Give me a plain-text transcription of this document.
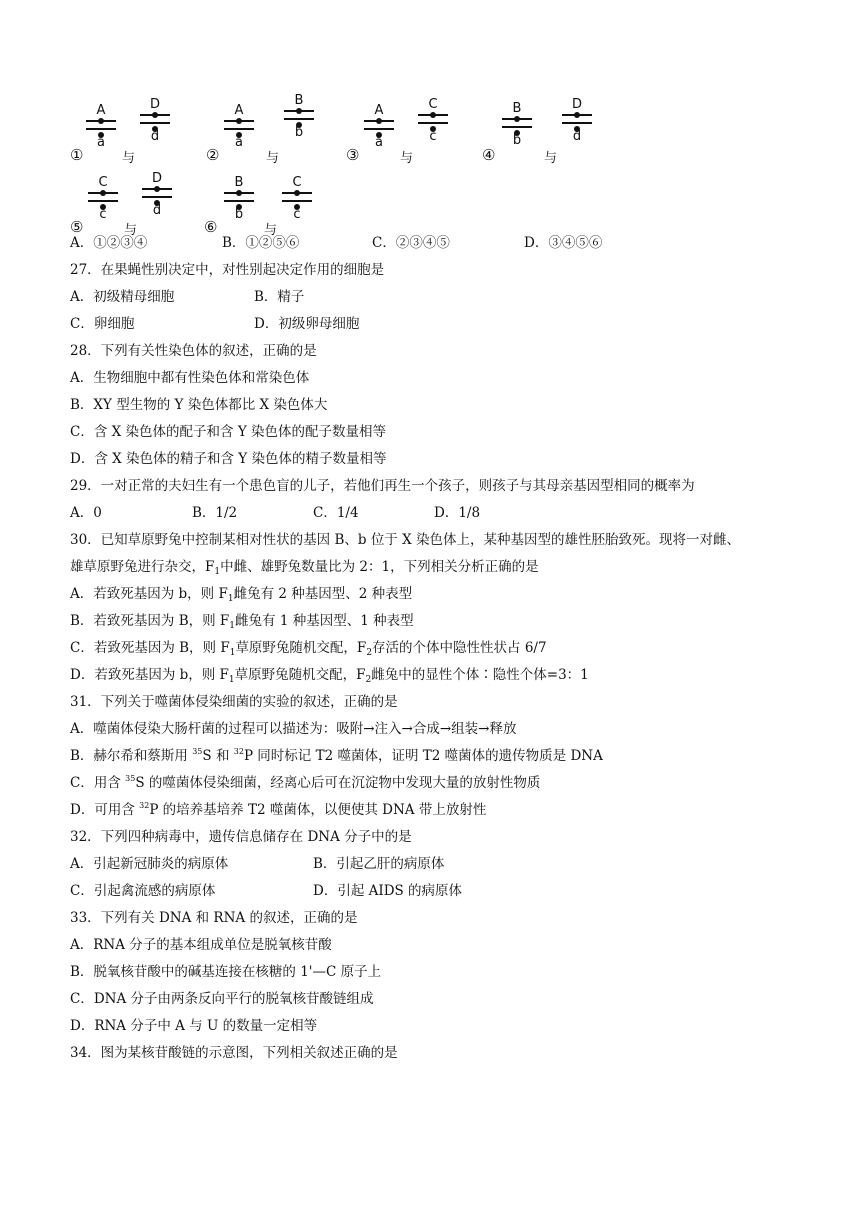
①
A
a
与
D
d
②
A
a
与
B
b
③
A
a
与
C
c
④
B
b
与
D
d
⑤
C
c
与
D
d
⑥
B
b
与
C
c
A．①②③④	B．①②⑤⑥	C．②③④⑤	D．③④⑤⑥
27．在果蝇性别决定中，对性别起决定作用的细胞是
A．初级精母细胞	B．精子
C．卵细胞	D．初级卵母细胞
28．下列有关性染色体的叙述，正确的是
A．生物细胞中都有性染色体和常染色体
B．XY 型生物的 Y 染色体都比 X 染色体大
C．含 X 染色体的配子和含 Y 染色体的配子数量相等
D．含 X 染色体的精子和含 Y 染色体的精子数量相等
29．一对正常的夫妇生有一个患色盲的儿子，若他们再生一个孩子，则孩子与其母亲基因型相同的概率为
A．0	B．1/2	C．1/4	D．1/8
30．已知草原野兔中控制某相对性状的基因 B、b 位于 X 染色体上，某种基因型的雄性胚胎致死。现将一对雌、
雄草原野兔进行杂交，$F_1$中雌、雄野兔数量比为 2：1，下列相关分析正确的是
A．若致死基因为 b，则 $F_1$雌兔有 2 种基因型、2 种表型
B．若致死基因为 B，则 $F_1$雌兔有 1 种基因型、1 种表型
C．若致死基因为 B，则 $F_1$草原野兔随机交配，$F_2$存活的个体中隐性性状占 6/7
D．若致死基因为 b，则 $F_1$草原野兔随机交配，$F_2$雌兔中的显性个体∶隐性个体=3：1
31．下列关于噬菌体侵染细菌的实验的叙述，正确的是
A．噬菌体侵染大肠杆菌的过程可以描述为：吸附→注入→合成→组装→释放
B．赫尔希和蔡斯用 $^{35}$S 和 $^{32}$P 同时标记 T2 噬菌体，证明 T2 噬菌体的遗传物质是 DNA
C．用含 $^{35}$S 的噬菌体侵染细菌，经离心后可在沉淀物中发现大量的放射性物质
D．可用含 $^{32}$P 的培养基培养 T2 噬菌体，以便使其 DNA 带上放射性
32．下列四种病毒中，遗传信息储存在 DNA 分子中的是
A．引起新冠肺炎的病原体	B．引起乙肝的病原体
C．引起禽流感的病原体	D．引起 AIDS 的病原体
33．下列有关 DNA 和 RNA 的叙述，正确的是
A．RNA 分子的基本组成单位是脱氧核苷酸
B．脱氧核苷酸中的碱基连接在核糖的 1'—C 原子上
C．DNA 分子由两条反向平行的脱氧核苷酸链组成
D．RNA 分子中 A 与 U 的数量一定相等
34．图为某核苷酸链的示意图，下列相关叙述正确的是
